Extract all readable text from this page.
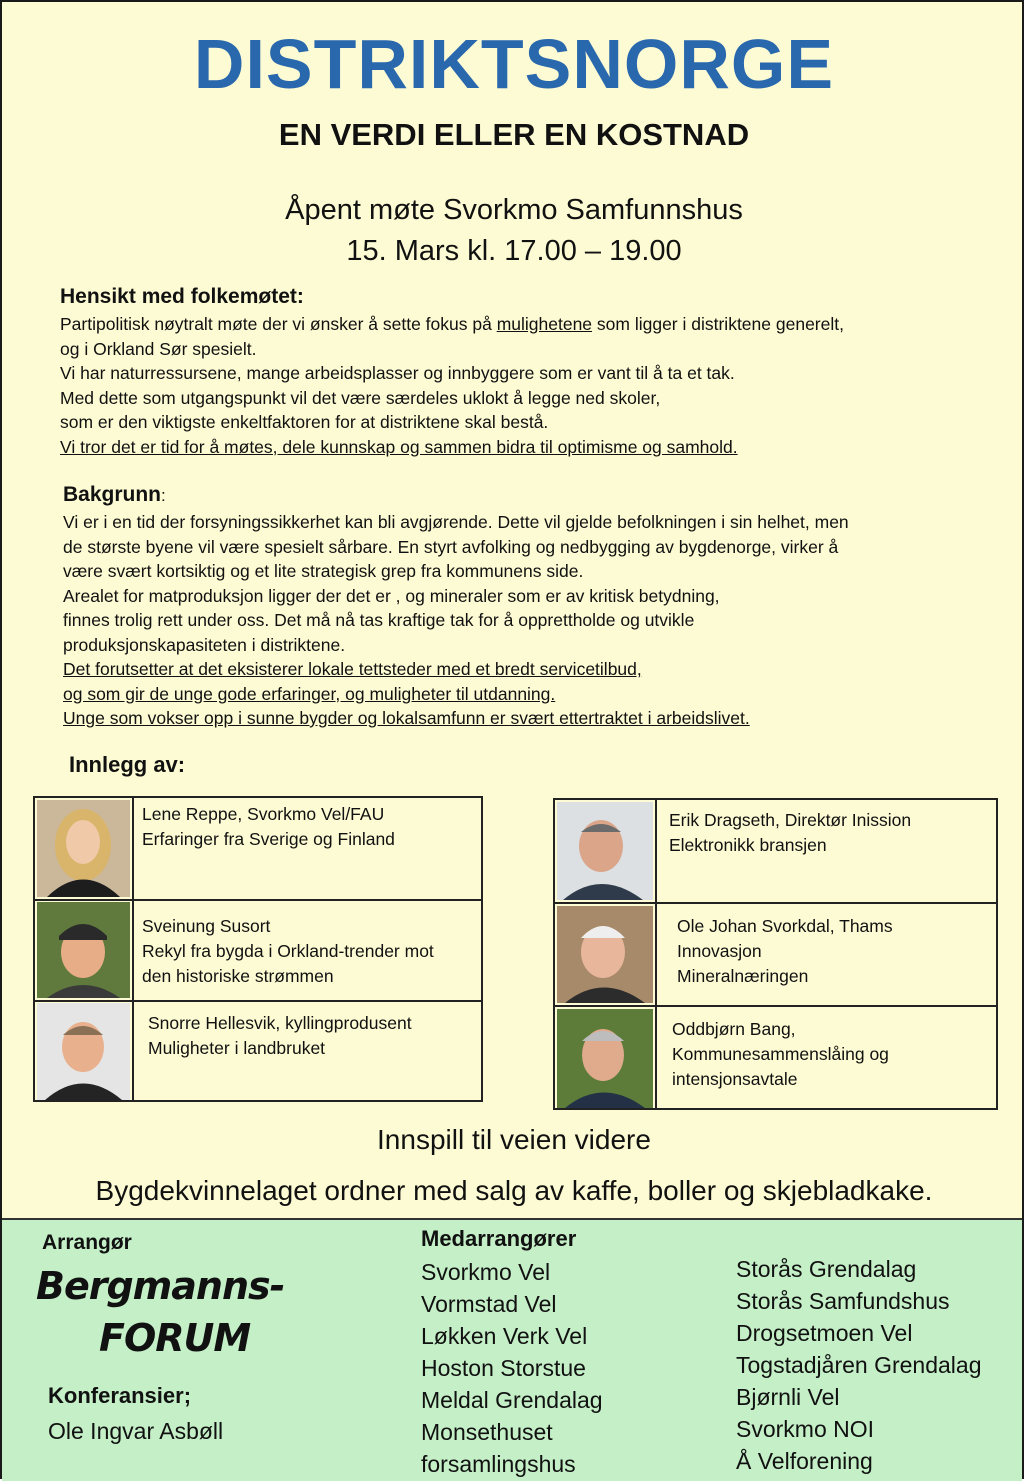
DISTRIKTSNORGE
EN VERDI ELLER EN KOSTNAD
Åpent møte Svorkmo Samfunnshus
15. Mars kl. 17.00 – 19.00
Hensikt med folkemøtet:
Partipolitisk nøytralt møte der vi ønsker å sette fokus på mulighetene som ligger i distriktene generelt,
og i Orkland Sør spesielt.
Vi har naturressursene, mange arbeidsplasser og innbyggere som er vant til å ta et tak.
Med dette som utgangspunkt vil det være særdeles uklokt å legge ned skoler,
som er den viktigste enkeltfaktoren for at distriktene skal bestå.
Vi tror det er tid for å møtes, dele kunnskap og sammen bidra til optimisme og samhold.
Bakgrunn:
Vi er i en tid der forsyningssikkerhet kan bli avgjørende. Dette vil gjelde befolkningen i sin helhet, men
de største byene vil være spesielt sårbare. En styrt avfolking og nedbygging av bygdenorge, virker å
være svært kortsiktig og et lite strategisk grep fra kommunens side.
Arealet for matproduksjon ligger der det er , og mineraler som er av kritisk betydning,
finnes trolig rett under oss. Det må nå tas kraftige tak for å opprettholde og utvikle
produksjonskapasiteten i distriktene.
Det forutsetter at det eksisterer lokale tettsteder med et bredt servicetilbud,
og som gir de unge gode erfaringer, og muligheter til utdanning.
Unge som vokser opp i sunne bygder og lokalsamfunn er svært ettertraktet i arbeidslivet.
Innlegg av:
Lene Reppe, Svorkmo Vel/FAU
Erfaringer fra Sverige og Finland
Sveinung Susort
Rekyl fra bygda i Orkland-trender mot
den historiske strømmen
Snorre Hellesvik, kyllingprodusent
Muligheter i landbruket
Erik Dragseth, Direktør Inission
Elektronikk bransjen
Ole Johan Svorkdal, Thams
Innovasjon
Mineralnæringen
Oddbjørn Bang,
Kommunesammenslåing og
intensjonsavtale
Innspill til veien videre
Bygdekvinnelaget ordner med salg av kaffe, boller og skjebladkake.
Arrangør
Bergmanns-
FORUM
Konferansier;
Ole Ingvar Asbøll
Medarrangører
Svorkmo Vel
Vormstad Vel
Løkken Verk Vel
Hoston Storstue
Meldal Grendalag
Monsethuset
forsamlingshus
Storås Grendalag
Storås Samfundshus
Drogsetmoen Vel
Togstadjåren Grendalag
Bjørnli Vel
Svorkmo NOI
Å Velforening
